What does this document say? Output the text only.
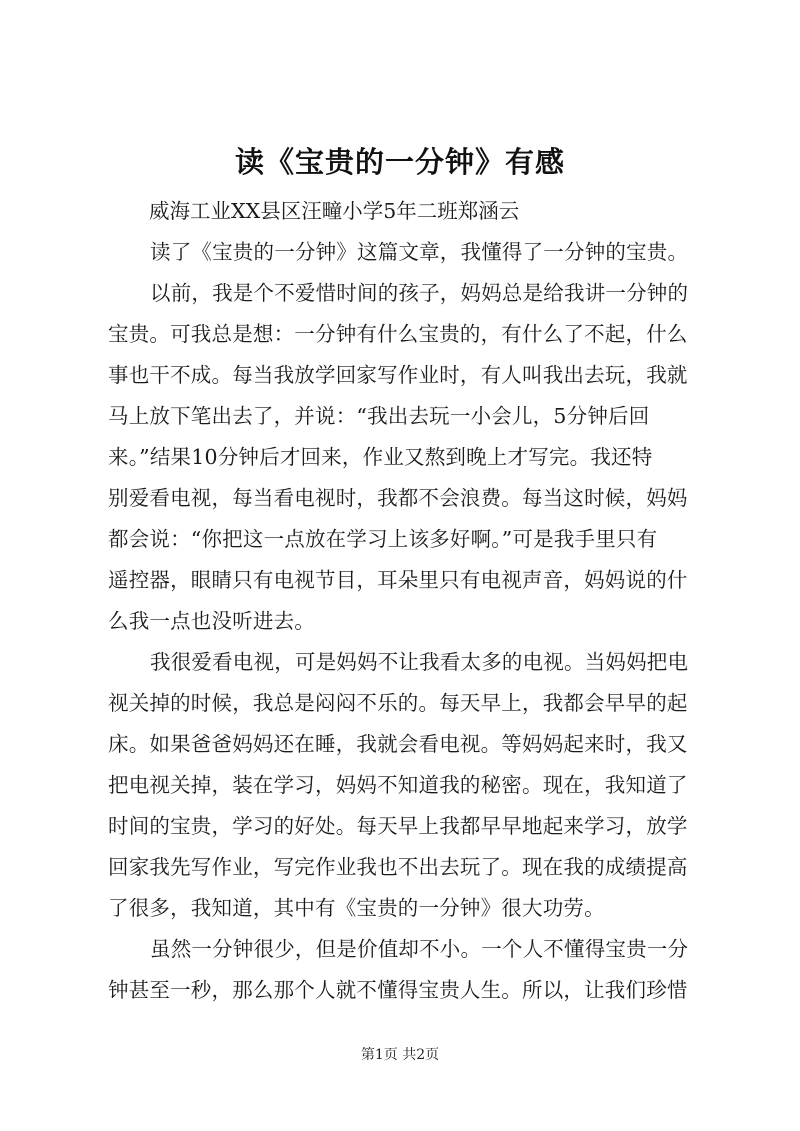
读《宝贵的一分钟》有感
威海工业XX县区汪疃小学5年二班郑涵云
读了《宝贵的一分钟》这篇文章，我懂得了一分钟的宝贵。
以前，我是个不爱惜时间的孩子，妈妈总是给我讲一分钟的
宝贵。可我总是想：一分钟有什么宝贵的，有什么了不起，什么
事也干不成。每当我放学回家写作业时，有人叫我出去玩，我就
马上放下笔出去了，并说：“我出去玩一小会儿，5分钟后回
来。”结果10分钟后才回来，作业又熬到晚上才写完。我还特
别爱看电视，每当看电视时，我都不会浪费。每当这时候，妈妈
都会说：“你把这一点放在学习上该多好啊。”可是我手里只有
遥控器，眼睛只有电视节目，耳朵里只有电视声音，妈妈说的什
么我一点也没听进去。
我很爱看电视，可是妈妈不让我看太多的电视。当妈妈把电
视关掉的时候，我总是闷闷不乐的。每天早上，我都会早早的起
床。如果爸爸妈妈还在睡，我就会看电视。等妈妈起来时，我又
把电视关掉，装在学习，妈妈不知道我的秘密。现在，我知道了
时间的宝贵，学习的好处。每天早上我都早早地起来学习，放学
回家我先写作业，写完作业我也不出去玩了。现在我的成绩提高
了很多，我知道，其中有《宝贵的一分钟》很大功劳。
虽然一分钟很少，但是价值却不小。一个人不懂得宝贵一分
钟甚至一秒，那么那个人就不懂得宝贵人生。所以，让我们珍惜
第1页 共2页
